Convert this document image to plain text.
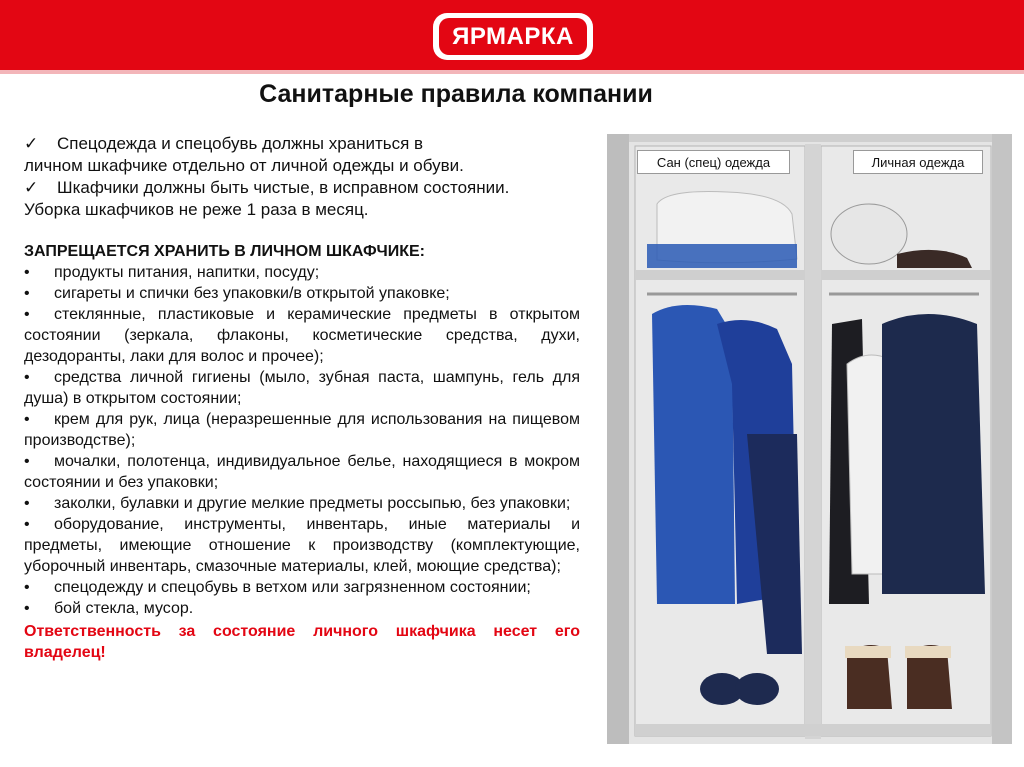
ЯРМАРКА
Санитарные правила компании
✓ Спецодежда и спецобувь должны храниться в
личном шкафчике отдельно от личной одежды и обуви.
✓ Шкафчики должны быть чистые, в исправном состоянии.
Уборка шкафчиков не реже 1 раза в месяц.
ЗАПРЕЩАЕТСЯ ХРАНИТЬ В ЛИЧНОМ ШКАФЧИКЕ:
• продукты питания, напитки, посуду;
• сигареты и спички без упаковки/в открытой упаковке;
• стеклянные, пластиковые и керамические предметы в открытом состоянии (зеркала, флаконы, косметические средства, духи, дезодоранты, лаки для волос и прочее);
• средства личной гигиены (мыло, зубная паста, шампунь, гель для душа) в открытом состоянии;
• крем для рук, лица (неразрешенные для использования на пищевом производстве);
• мочалки, полотенца, индивидуальное белье, находящиеся в мокром состоянии и без упаковки;
• заколки, булавки и другие мелкие предметы россыпью, без упаковки;
• оборудование, инструменты, инвентарь, иные материалы и предметы, имеющие отношение к производству (комплектующие, уборочный инвентарь, смазочные материалы, клей, моющие средства);
• спецодежду и спецобувь в ветхом или загрязненном состоянии;
• бой стекла, мусор.
Ответственность за состояние личного шкафчика несет его владелец!
Сан (спец) одежда	Личная одежда
